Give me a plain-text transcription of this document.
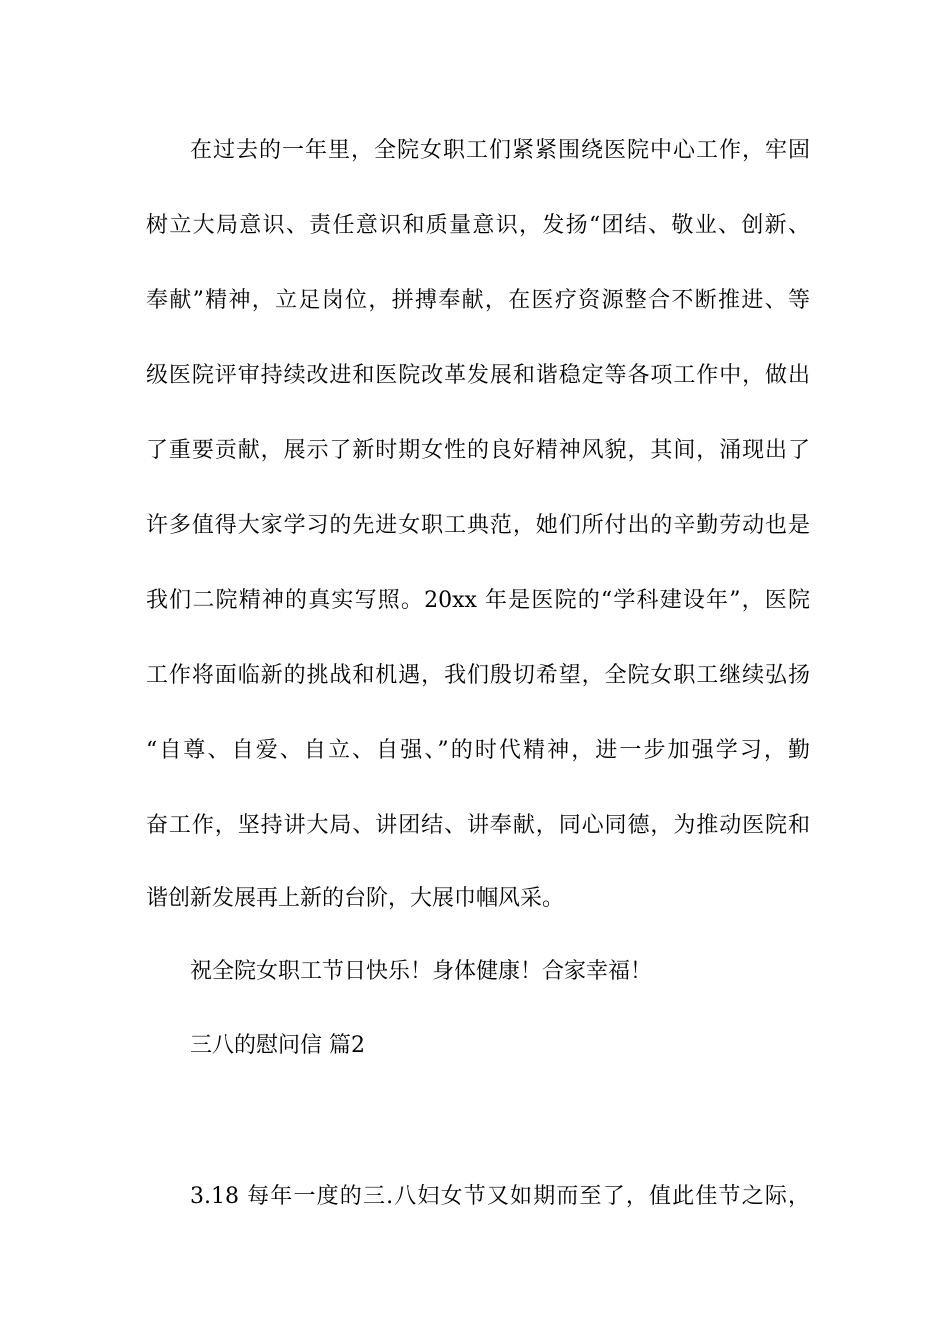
在过去的一年里，全院女职工们紧紧围绕医院中心工作，牢固
树立大局意识、责任意识和质量意识，发扬“团结、敬业、创新、
奉献”精神，立足岗位，拼搏奉献，在医疗资源整合不断推进、等
级医院评审持续改进和医院改革发展和谐稳定等各项工作中，做出
了重要贡献，展示了新时期女性的良好精神风貌，其间，涌现出了
许多值得大家学习的先进女职工典范，她们所付出的辛勤劳动也是
我们二院精神的真实写照。20xx 年是医院的“学科建设年”，医院
工作将面临新的挑战和机遇，我们殷切希望，全院女职工继续弘扬
“自尊、自爱、自立、自强、”的时代精神，进一步加强学习，勤
奋工作，坚持讲大局、讲团结、讲奉献，同心同德，为推动医院和
谐创新发展再上新的台阶，大展巾帼风采。
祝全院女职工节日快乐！身体健康！合家幸福！
三八的慰问信 篇2
3.18 每年一度的三.八妇女节又如期而至了，值此佳节之际，
